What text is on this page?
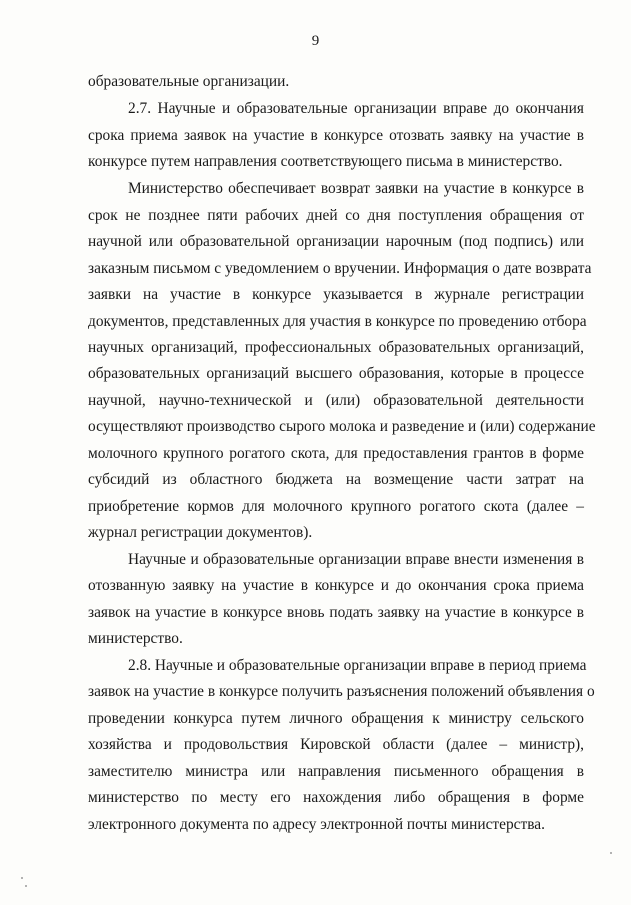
9
образовательные организации.
2.7. Научные и образовательные организации вправе до окончания
срока приема заявок на участие в конкурсе отозвать заявку на участие в
конкурсе путем направления соответствующего письма в министерство.
Министерство обеспечивает возврат заявки на участие в конкурсе в
срок не позднее пяти рабочих дней со дня поступления обращения от
научной или образовательной организации нарочным (под подпись) или
заказным письмом с уведомлением о вручении. Информация о дате возврата
заявки на участие в конкурсе указывается в журнале регистрации
документов, представленных для участия в конкурсе по проведению отбора
научных организаций, профессиональных образовательных организаций,
образовательных организаций высшего образования, которые в процессе
научной, научно-технической и (или) образовательной деятельности
осуществляют производство сырого молока и разведение и (или) содержание
молочного крупного рогатого скота, для предоставления грантов в форме
субсидий из областного бюджета на возмещение части затрат на
приобретение кормов для молочного крупного рогатого скота (далее –
журнал регистрации документов).
Научные и образовательные организации вправе внести изменения в
отозванную заявку на участие в конкурсе и до окончания срока приема
заявок на участие в конкурсе вновь подать заявку на участие в конкурсе в
министерство.
2.8. Научные и образовательные организации вправе в период приема
заявок на участие в конкурсе получить разъяснения положений объявления о
проведении конкурса путем личного обращения к министру сельского
хозяйства и продовольствия Кировской области (далее – министр),
заместителю министра или направления письменного обращения в
министерство по месту его нахождения либо обращения в форме
электронного документа по адресу электронной почты министерства.
